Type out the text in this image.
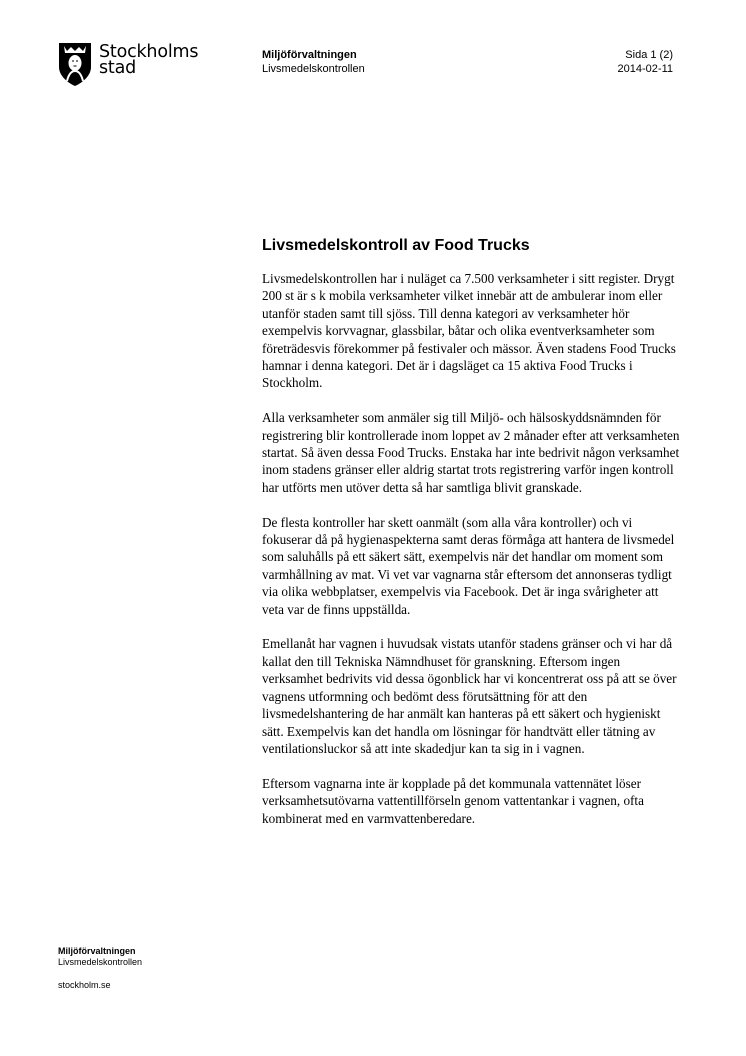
Stockholms
stad
Miljöförvaltningen
Livsmedelskontrollen
Sida 1 (2)
2014-02-11
Livsmedelskontroll av Food Trucks

Livsmedelskontrollen har i nuläget ca 7.500 verksamheter i sitt register. Drygt 200 st är s k mobila verksamheter vilket innebär att de ambulerar inom eller utanför staden samt till sjöss. Till denna kategori av verksamheter hör exempelvis korvvagnar, glassbilar, båtar och olika eventverksamheter som företrädesvis förekommer på festivaler och mässor. Även stadens Food Trucks hamnar i denna kategori. Det är i dagsläget ca 15 aktiva Food Trucks i Stockholm.

Alla verksamheter som anmäler sig till Miljö- och hälsoskyddsnämnden för registrering blir kontrollerade inom loppet av 2 månader efter att verksamheten startat. Så även dessa Food Trucks. Enstaka har inte bedrivit någon verksamhet inom stadens gränser eller aldrig startat trots registrering varför ingen kontroll har utförts men utöver detta så har samtliga blivit granskade.

De flesta kontroller har skett oanmält (som alla våra kontroller) och vi fokuserar då på hygienaspekterna samt deras förmåga att hantera de livsmedel som saluhålls på ett säkert sätt, exempelvis när det handlar om moment som varmhållning av mat. Vi vet var vagnarna står eftersom det annonseras tydligt via olika webbplatser, exempelvis via Facebook. Det är inga svårigheter att veta var de finns uppställda.

Emellanåt har vagnen i huvudsak vistats utanför stadens gränser och vi har då kallat den till Tekniska Nämndhuset för granskning. Eftersom ingen verksamhet bedrivits vid dessa ögonblick har vi koncentrerat oss på att se över vagnens utformning och bedömt dess förutsättning för att den livsmedelshantering de har anmält kan hanteras på ett säkert och hygieniskt sätt. Exempelvis kan det handla om lösningar för handtvätt eller tätning av ventilationsluckor så att inte skadedjur kan ta sig in i vagnen.

Eftersom vagnarna inte är kopplade på det kommunala vattennätet löser verksamhetsutövarna vattentillförseln genom vattentankar i vagnen, ofta kombinerat med en varmvattenberedare.

Miljöförvaltningen
Livsmedelskontrollen
stockholm.se
